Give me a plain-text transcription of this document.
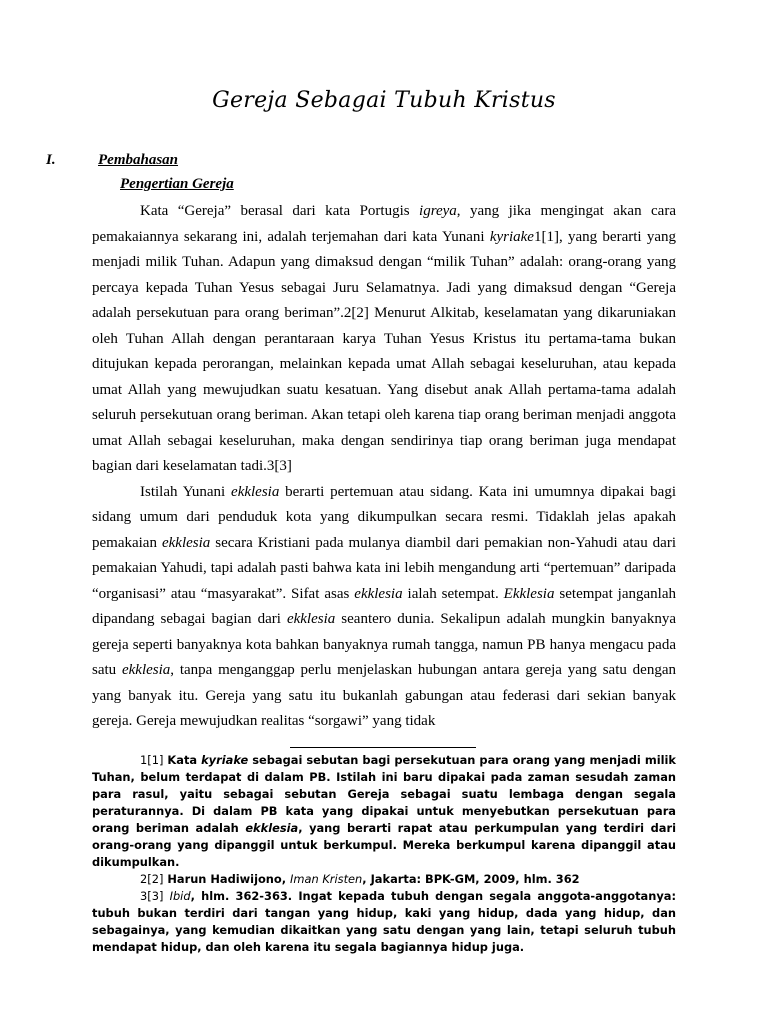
Gereja Sebagai Tubuh Kristus
I.	Pembahasan
Pengertian Gereja

Kata “Gereja” berasal dari kata Portugis igreya, yang jika mengingat akan cara pemakaiannya sekarang ini, adalah terjemahan dari kata Yunani kyriake1[1], yang berarti yang menjadi milik Tuhan. Adapun yang dimaksud dengan “milik Tuhan” adalah: orang-orang yang percaya kepada Tuhan Yesus sebagai Juru Selamatnya. Jadi yang dimaksud dengan “Gereja adalah persekutuan para orang beriman”.2[2] Menurut Alkitab, keselamatan yang dikaruniakan oleh Tuhan Allah dengan perantaraan karya Tuhan Yesus Kristus itu pertama-tama bukan ditujukan kepada perorangan, melainkan kepada umat Allah sebagai keseluruhan, atau kepada umat Allah yang mewujudkan suatu kesatuan. Yang disebut anak Allah pertama-tama adalah seluruh persekutuan orang beriman. Akan tetapi oleh karena tiap orang beriman menjadi anggota umat Allah sebagai keseluruhan, maka dengan sendirinya tiap orang beriman juga mendapat bagian dari keselamatan tadi.3[3]

Istilah Yunani ekklesia berarti pertemuan atau sidang. Kata ini umumnya dipakai bagi sidang umum dari penduduk kota yang dikumpulkan secara resmi. Tidaklah jelas apakah pemakaian ekklesia secara Kristiani pada mulanya diambil dari pemakian non-Yahudi atau dari pemakaian Yahudi, tapi adalah pasti bahwa kata ini lebih mengandung arti “pertemuan” daripada “organisasi” atau “masyarakat”. Sifat asas ekklesia ialah setempat. Ekklesia setempat janganlah dipandang sebagai bagian dari ekklesia seantero dunia. Sekalipun adalah mungkin banyaknya gereja seperti banyaknya kota bahkan banyaknya rumah tangga, namun PB hanya mengacu pada satu ekklesia, tanpa menganggap perlu menjelaskan hubungan antara gereja yang satu dengan yang banyak itu. Gereja yang satu itu bukanlah gabungan atau federasi dari sekian banyak gereja. Gereja mewujudkan realitas “sorgawi” yang tidak

1[1] Kata kyriake sebagai sebutan bagi persekutuan para orang yang menjadi milik Tuhan, belum terdapat di dalam PB. Istilah ini baru dipakai pada zaman sesudah zaman para rasul, yaitu sebagai sebutan Gereja sebagai suatu lembaga dengan segala peraturannya. Di dalam PB kata yang dipakai untuk menyebutkan persekutuan para orang beriman adalah ekklesia, yang berarti rapat atau perkumpulan yang terdiri dari orang-orang yang dipanggil untuk berkumpul. Mereka berkumpul karena dipanggil atau dikumpulkan.

2[2] Harun Hadiwijono, Iman Kristen, Jakarta: BPK-GM, 2009, hlm. 362

3[3] Ibid, hlm. 362-363. Ingat kepada tubuh dengan segala anggota-anggotanya: tubuh bukan terdiri dari tangan yang hidup, kaki yang hidup, dada yang hidup, dan sebagainya, yang kemudian dikaitkan yang satu dengan yang lain, tetapi seluruh tubuh mendapat hidup, dan oleh karena itu segala bagiannya hidup juga.
